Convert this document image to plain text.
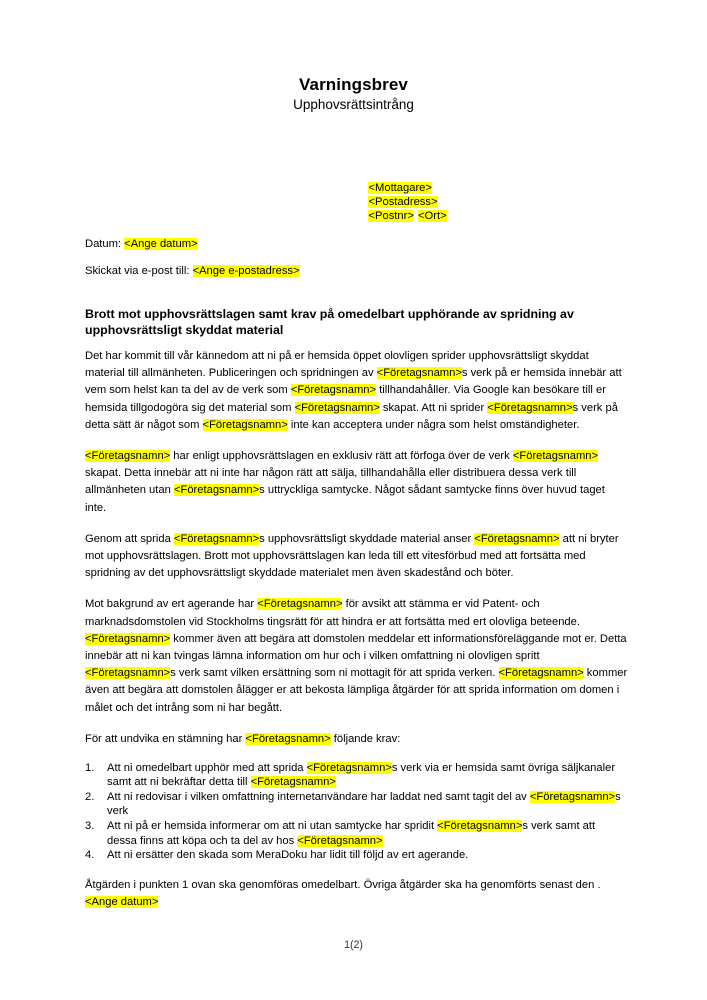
Varningsbrev
Upphovsrättsintrång
<Mottagare>
<Postadress>
<Postnr> <Ort>
Datum: <Ange datum>
Skickat via e-post till: <Ange e-postadress>
Brott mot upphovsrättslagen samt krav på omedelbart upphörande av spridning av upphovsrättsligt skyddat material

Det har kommit till vår kännedom att ni på er hemsida öppet olovligen sprider upphovsrättsligt skyddat material till allmänheten. Publiceringen och spridningen av <Företagsnamn>s verk på er hemsida innebär att vem som helst kan ta del av de verk som <Företagsnamn> tillhandahåller. Via Google kan besökare till er hemsida tillgodogöra sig det material som <Företagsnamn> skapat. Att ni sprider <Företagsnamn>s verk på detta sätt är något som <Företagsnamn> inte kan acceptera under några som helst omständigheter.

<Företagsnamn> har enligt upphovsrättslagen en exklusiv rätt att förfoga över de verk <Företagsnamn> skapat. Detta innebär att ni inte har någon rätt att sälja, tillhandahålla eller distribuera dessa verk till allmänheten utan <Företagsnamn>s uttryckliga samtycke. Något sådant samtycke finns över huvud taget inte.

Genom att sprida <Företagsnamn>s upphovsrättsligt skyddade material anser <Företagsnamn> att ni bryter mot upphovsrättslagen. Brott mot upphovsrättslagen kan leda till ett vitesförbud med att fortsätta med spridning av det upphovsrättsligt skyddade materialet men även skadestånd och böter.

Mot bakgrund av ert agerande har <Företagsnamn> för avsikt att stämma er vid Patent- och marknadsdomstolen vid Stockholms tingsrätt för att hindra er att fortsätta med ert olovliga beteende. <Företagsnamn> kommer även att begära att domstolen meddelar ett informationsföreläggande mot er. Detta innebär att ni kan tvingas lämna information om hur och i vilken omfattning ni olovligen spritt <Företagsnamn>s verk samt vilken ersättning som ni mottagit för att sprida verken. <Företagsnamn> kommer även att begära att domstolen ålägger er att bekosta lämpliga åtgärder för att sprida information om domen i målet och det intrång som ni har begått.

För att undvika en stämning har <Företagsnamn> följande krav:

1.	Att ni omedelbart upphör med att sprida <Företagsnamn>s verk via er hemsida samt övriga säljkanaler samt att ni bekräftar detta till <Företagsnamn>
2.	Att ni redovisar i vilken omfattning internetanvändare har laddat ned samt tagit del av <Företagsnamn>s verk
3.	Att ni på er hemsida informerar om att ni utan samtycke har spridit <Företagsnamn>s verk samt att dessa finns att köpa och ta del av hos <Företagsnamn>
4.	Att ni ersätter den skada som MeraDoku har lidit till följd av ert agerande.

Åtgärden i punkten 1 ovan ska genomföras omedelbart. Övriga åtgärder ska ha genomförts senast den . <Ange datum>

1(2)
